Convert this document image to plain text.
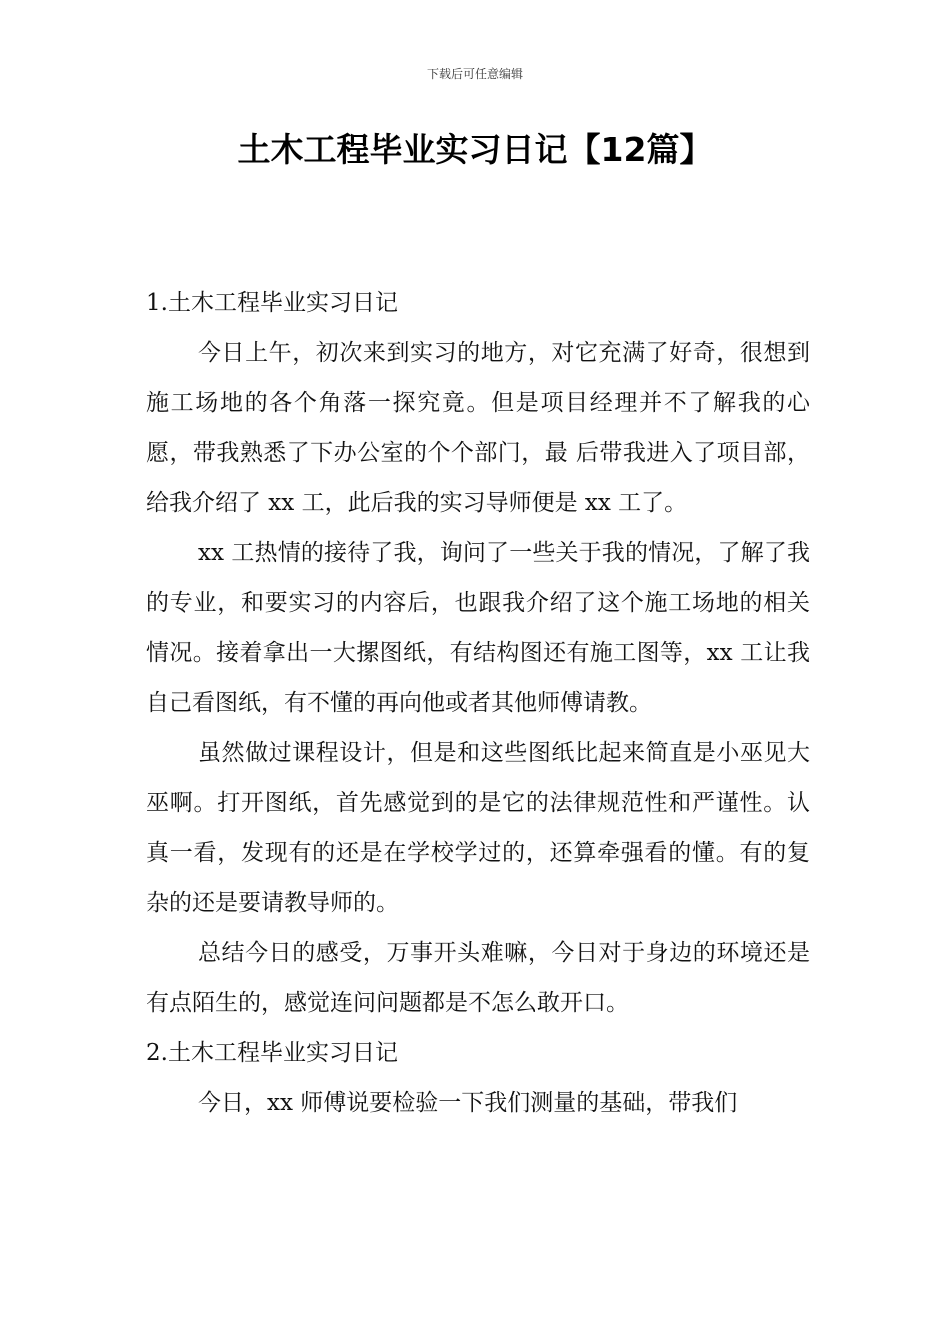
下载后可任意编辑
土木工程毕业实习日记【12篇】

1.土木工程毕业实习日记

今日上午，初次来到实习的地方，对它充满了好奇，很想到施工场地的各个角落一探究竟。但是项目经理并不了解我的心愿，带我熟悉了下办公室的个个部门，最 后带我进入了项目部，给我介绍了 xx 工，此后我的实习导师便是 xx 工了。

xx 工热情的接待了我，询问了一些关于我的情况，了解了我的专业，和要实习的内容后，也跟我介绍了这个施工场地的相关情况。接着拿出一大摞图纸，有结构图还有施工图等，xx 工让我自己看图纸，有不懂的再向他或者其他师傅请教。

虽然做过课程设计，但是和这些图纸比起来简直是小巫见大巫啊。打开图纸，首先感觉到的是它的法律规范性和严谨性。认真一看，发现有的还是在学校学过的，还算牵强看的懂。有的复杂的还是要请教导师的。

总结今日的感受，万事开头难嘛，今日对于身边的环境还是有点陌生的，感觉连问问题都是不怎么敢开口。

2.土木工程毕业实习日记

今日，xx 师傅说要检验一下我们测量的基础，带我们
